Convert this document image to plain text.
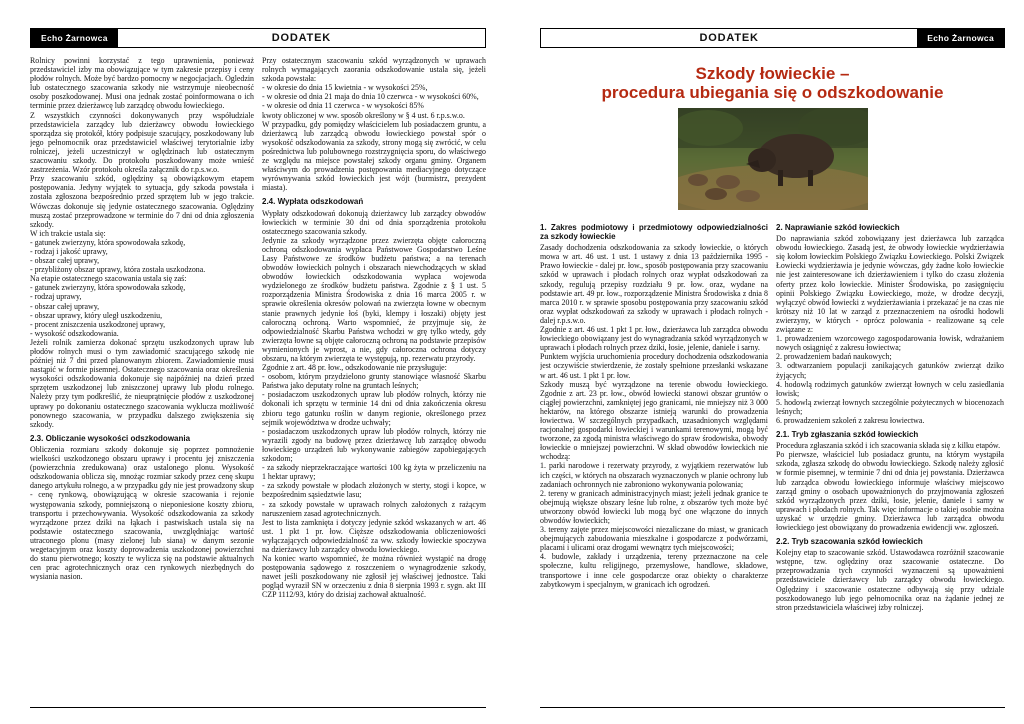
Echo Żarnowca	DODATEK

Rolnicy powinni korzystać z tego uprawnienia, ponieważ przedstawiciel izby ma obowiązujące w tym zakresie przepisy i ceny płodów rolnych. Może być bardzo pomocny w negocjacjach. Ogledzin lub ostatecznego szacowania szkody nie wstrzymuje nieobecność osoby poszkodowanej. Musi ona jednak zostać poinformowana o ich terminie przez dzierżawcę lub zarządcę obwodu łowieckiego.

Z wszystkich czynności dokonywanych przy współudziale przedstawiciela zarządcy lub dzierżawcy obwodu łowieckiego sporządza się protokół, który podpisuje szacujący, poszkodowany lub jego pełnomocnik oraz przedstawiciel właściwej terytorialnie izby rolniczej, jeżeli uczestniczył w oględzinach lub ostatecznym szacowaniu szkody. Do protokołu poszkodowany może wnieść zastrzeżenia. Wzór protokołu określa załącznik do r.p.s.w.o.

Przy szacowaniu szkód, oględziny są obowiązkowym etapem postępowania. Jedyny wyjątek to sytuacja, gdy szkoda powstała i została zgłoszona bezpośrednio przed sprzętem lub w jego trakcie. Wówczas dokonuje się jedynie ostatecznego szacowania. Oględziny muszą zostać przeprowadzone w terminie do 7 dni od dnia zgłoszenia szkody.

W ich trakcie ustala się:

- gatunek zwierzyny, która spowodowała szkodę,

- rodzaj i jakość uprawy,

- obszar całej uprawy,

- przybliżony obszar uprawy, która została uszkodzona.

Na etapie ostatecznego szacowania ustala się zaś:

- gatunek zwierzyny, która spowodowała szkodę,

- rodzaj uprawy,

- obszar całej uprawy,

- obszar uprawy, który uległ uszkodzeniu,

- procent zniszczenia uszkodzonej uprawy,

- wysokość odszkodowania.

Jeżeli rolnik zamierza dokonać sprzętu uszkodzonych upraw lub płodów rolnych musi o tym zawiadomić szacującego szkodę nie później niż 7 dni przed planowanym zbiorem. Zawiadomienie musi nastąpić w formie pisemnej. Ostatecznego szacowania oraz określenia wysokości odszkodowania dokonuje się najpóźniej na dzień przed sprzętem uszkodzonej lub zniszczonej uprawy lub płodu rolnego. Należy przy tym podkreślić, że nieuprątnięcie płodów z uszkodzonej uprawy po dokonaniu ostatecznego szacowania wyklucza możliwość ponownego szacowania, w przypadku dalszego zwiększenia się szkody.

2.3. Obliczanie wysokości odszkodowania

Obliczenia rozmiaru szkody dokonuje się poprzez pomnożenie wielkości uszkodzonego obszaru uprawy i procentu jej zniszczenia (powierzchnia zredukowana) oraz ustalonego plonu. Wysokość odszkodowania oblicza się, mnożąc rozmiar szkody przez cenę skupu danego artykułu rolnego, a w przypadku gdy nie jest prowadzony skup - cenę rynkową, obowiązującą w okresie szacowania i rejonie występowania szkody, pomniejszoną o nieponiesione koszty zbioru, transportu i przechowywania. Wysokość odszkodowania za szkody wyrządzone przez dziki na łąkach i pastwiskach ustala się na podstawie ostatecznego szacowania, uwzględniając wartość utraconego plonu (masy zielonej lub siana) w danym sezonie wegetacyjnym oraz koszty doprowadzenia uszkodzonej powierzchni do stanu pierwotnego; koszty te wylicza się na podstawie aktualnych cen prac agrotechnicznych oraz cen rynkowych niezbędnych do wysiania nasion.

Przy ostatecznym szacowaniu szkód wyrządzonych w uprawach rolnych wymagających zaorania odszkodowanie ustala się, jeżeli szkoda powstała:

- w okresie do dnia 15 kwietnia - w wysokości 25%,

- w okresie od dnia 21 maja do dnia 10 czerwca - w wysokości 60%,

- w okresie od dnia 11 czerwca - w wysokości 85%

kwoty obliczonej w ww. sposób określony w § 4 ust. 6 r.p.s.w.o.

W przypadku, gdy pomiędzy właścicielem lub posiadaczem gruntu, a dzierżawcą lub zarządcą obwodu łowieckiego powstał spór o wysokość odszkodowania za szkody, strony mogą się zwrócić, w celu pośrednictwa lub polubownego rozstrzygnięcia sporu, do właściwego ze względu na miejsce powstałej szkody organu gminy. Organem właściwym do prowadzenia postępowania mediacyjnego dotyczące wyrównywania szkód łowieckich jest wójt (burmistrz, prezydent miasta).

2.4. Wypłata odszkodowań

Wypłaty odszkodowań dokonują dzierżawcy lub zarządcy obwodów łowieckich w terminie 30 dni od dnia sporządzenia protokołu ostatecznego szacowania szkody.

Jedynie za szkody wyrządzone przez zwierzęta objęte całoroczną ochroną odszkodowania wypłaca Państwowe Gospodarstwo Leśne Lasy Państwowe ze środków budżetu państwa; a na terenach obwodów łowieckich polnych i obszarach niewchodzących w skład obwodów łowieckich odszkodowania wypłaca wojewoda wydzielonego ze środków budżetu państwa. Zgodnie z § 1 ust. 5 rozporządzenia Ministra Środowiska z dnia 16 marca 2005 r. w sprawie określenia okresów polowań na zwierzęta łowne w obecnym stanie prawnych jedynie łoś (byki, klempy i łoszaki) objęty jest całoroczną ochroną. Warto wspomnieć, że przyjmuje się, że odpowiedzialność Skarbu Państwa wchodzi w grę tylko wtedy, gdy zwierzęta łowne są objęte całoroczną ochroną na podstawie przepisów wymienionych je wprost, a nie, gdy całoroczna ochrona dotyczy obszaru, na którym zwierzęta te występują, np. rezerwatu przyrody.

Zgodnie z art. 48 pr. łow., odszkodowanie nie przysługuje:

- osobom, którym przydzielono grunty stanowiące własność Skarbu Państwa jako deputaty rolne na gruntach leśnych;

- posiadaczom uszkodzonych upraw lub płodów rolnych, którzy nie dokonali ich sprzętu w terminie 14 dni od dnia zakończenia okresu zbioru tego gatunku roślin w danym regionie, określonego przez sejmik województwa w drodze uchwały;

- posiadaczom uszkodzonych upraw lub płodów rolnych, którzy nie wyrazili zgody na budowę przez dzierżawcę lub zarządcę obwodu łowieckiego urządzeń lub wykonywanie zabiegów zapobiegających szkodom;

- za szkody nieprzekraczające wartości 100 kg żyta w przeliczeniu na 1 hektar uprawy;

- za szkody powstałe w płodach złożonych w sterty, stogi i kopce, w bezpośrednim sąsiedztwie lasu;

- za szkody powstałe w uprawach rolnych założonych z rażącym naruszeniem zasad agrotechnicznych.

Jest to lista zamknięta i dotyczy jedynie szkód wskazanych w art. 46 ust. 1 pkt 1 pr. łow. Cięższe odszkodowania obliczeniowości wyłączających odpowiedzialność za ww. szkody łowieckie spoczywa na dzierżawcy lub zarządcy obwodu łowieckiego.

Na koniec warto wspomnieć, że można również wystąpić na drogę postępowania sądowego z roszczeniem o wynagrodzenie szkody, nawet jeśli poszkodowany nie zgłosił jej właściwej jednostce. Taki pogląd wyraził SN w orzeczeniu z dnia 8 sierpnia 1993 r. sygn. akt III CZP 1112/93, który do dzisiaj zachował aktualność.

DODATEK	Echo Żarnowca
Szkody łowieckie –
procedura ubiegania się o odszkodowanie
1. Zakres podmiotowy i przedmiotowy odpowiedzialności za szkody łowieckie

Zasady dochodzenia odszkodowania za szkody łowieckie, o których mowa w art. 46 ust. 1 ust. 1 ustawy z dnia 13 października 1995 - Prawo łowieckie - dalej pr. łow., sposób postępowania przy szacowaniu szkód w uprawach i płodach rolnych oraz wypłat odszkodowań za szkody, regulują przepisy rozdziału 9 pr. łow. oraz, wydane na podstawie art. 49 pr. łow., rozporządzenie Ministra Środowiska z dnia 8 marca 2010 r. w sprawie sposobu postępowania przy szacowaniu szkód oraz wypłat odszkodowań za szkody w uprawach i płodach rolnych - dalej r.p.s.w.o.

Zgodnie z art. 46 ust. 1 pkt 1 pr. łow., dzierżawca lub zarządca obwodu łowieckiego obowiązany jest do wynagradzania szkód wyrządzonych w uprawach i płodach rolnych przez dziki, łosie, jelenie, daniele i sarny.

Punktem wyjścia uruchomienia procedury dochodzenia odszkodowania jest oczywiście stwierdzenie, że zostały spełnione przesłanki wskazane w art. 46 ust. 1 pkt 1 pr. łow.

Szkody muszą być wyrządzone na terenie obwodu łowieckiego. Zgodnie z art. 23 pr. łow., obwód łowiecki stanowi obszar gruntów o ciągłej powierzchni, zamkniętej jego granicami, nie mniejszy niż 3 000 hektarów, na którego obszarze istnieją warunki do prowadzenia łowiectwa. W szczególnych przypadkach, uzasadnionych względami racjonalnej gospodarki łowieckiej i warunkami terenowymi, mogą być tworzone, za zgodą ministra właściwego do spraw środowiska, obwody łowieckie o mniejszej powierzchni. W skład obwodów łowieckich nie wchodzą:

1. parki narodowe i rezerwaty przyrody, z wyjątkiem rezerwatów lub ich części, w których na obszarach wyznaczonych w planie ochrony lub zadaniach ochronnych nie zabroniono wykonywania polowania;

2. tereny w granicach administracyjnych miast; jeżeli jednak granice te obejmują większe obszary leśne lub rolne, z obszarów tych może być utworzony obwód łowiecki lub mogą być one włączone do innych obwodów łowieckich;

3. tereny zajęte przez miejscowości niezaliczane do miast, w granicach obejmujących zabudowania mieszkalne i gospodarcze z podwórzami, placami i ulicami oraz drogami wewnątrz tych miejscowości;

4. budowle, zakłady i urządzenia, tereny przeznaczone na cele społeczne, kultu religijnego, przemysłowe, handlowe, składowe, transportowe i inne cele gospodarcze oraz obiekty o charakterze zabytkowym i specjalnym, w granicach ich ogrodzeń.

2. Naprawianie szkód łowieckich

Do naprawiania szkód zobowiązany jest dzierżawca lub zarządca obwodu łowieckiego. Zasadą jest, że obwody łowieckie wydzierżawia się kołom łowieckim Polskiego Związku Łowieckiego. Polski Związek Łowiecki wydzierżawia je jedynie wówczas, gdy żadne koło łowieckie nie jest zainteresowane ich dzierżawieniem i tylko do czasu złożenia oferty przez koło łowieckie. Minister Środowiska, po zasięgnięciu opinii Polskiego Związku Łowieckiego, może, w drodze decyzji, wyłączyć obwód łowiecki z wydzierżawiania i przekazać je na czas nie krótszy niż 10 lat w zarząd z przeznaczeniem na ośrodki hodowli zwierzyny, w których - oprócz polowania - realizowane są cele związane z:

1. prowadzeniem wzorcowego zagospodarowania łowisk, wdrażaniem nowych osiągnięć z zakresu łowiectwa;

2. prowadzeniem badań naukowych;

3. odtwarzaniem populacji zanikających gatunków zwierząt dziko żyjących;

4. hodowlą rodzimych gatunków zwierząt łownych w celu zasiedlania łowisk;

5. hodowlą zwierząt łownych szczególnie pożytecznych w biocenozach leśnych;

6. prowadzeniem szkoleń z zakresu łowiectwa.

2.1. Tryb zgłaszania szkód łowieckich

Procedura zgłaszania szkód i ich szacowania składa się z kilku etapów.

Po pierwsze, właściciel lub posiadacz gruntu, na którym wystąpiła szkoda, zgłasza szkodę do obwodu łowieckiego. Szkodę należy zgłosić w formie pisemnej, w terminie 7 dni od dnia jej powstania. Dzierżawca lub zarządca obwodu łowieckiego informuje właściwy miejscowo zarząd gminy o osobach upoważnionych do przyjmowania zgłoszeń szkód wyrządzonych przez dziki, łosie, jelenie, daniele i sarny w uprawach i płodach rolnych. Tak więc informacje o takiej osobie można uzyskać w urzędzie gminy. Dzierżawca lub zarządca obwodu łowieckiego jest obowiązany do prowadzenia ewidencji ww. zgłoszeń.

2.2. Tryb szacowania szkód łowieckich

Kolejny etap to szacowanie szkód. Ustawodawca rozróżnił szacowanie wstępne, tzw. oględziny oraz szacowanie ostateczne. Do przeprowadzania tych czynności wyznaczeni są upoważnieni przedstawiciele dzierżawcy lub zarządcy obwodu łowieckiego. Oględziny i szacowanie ostateczne odbywają się przy udziale poszkodowanego lub jego pełnomocnika oraz na żądanie jednej ze stron przedstawiciela właściwej izby rolniczej.
